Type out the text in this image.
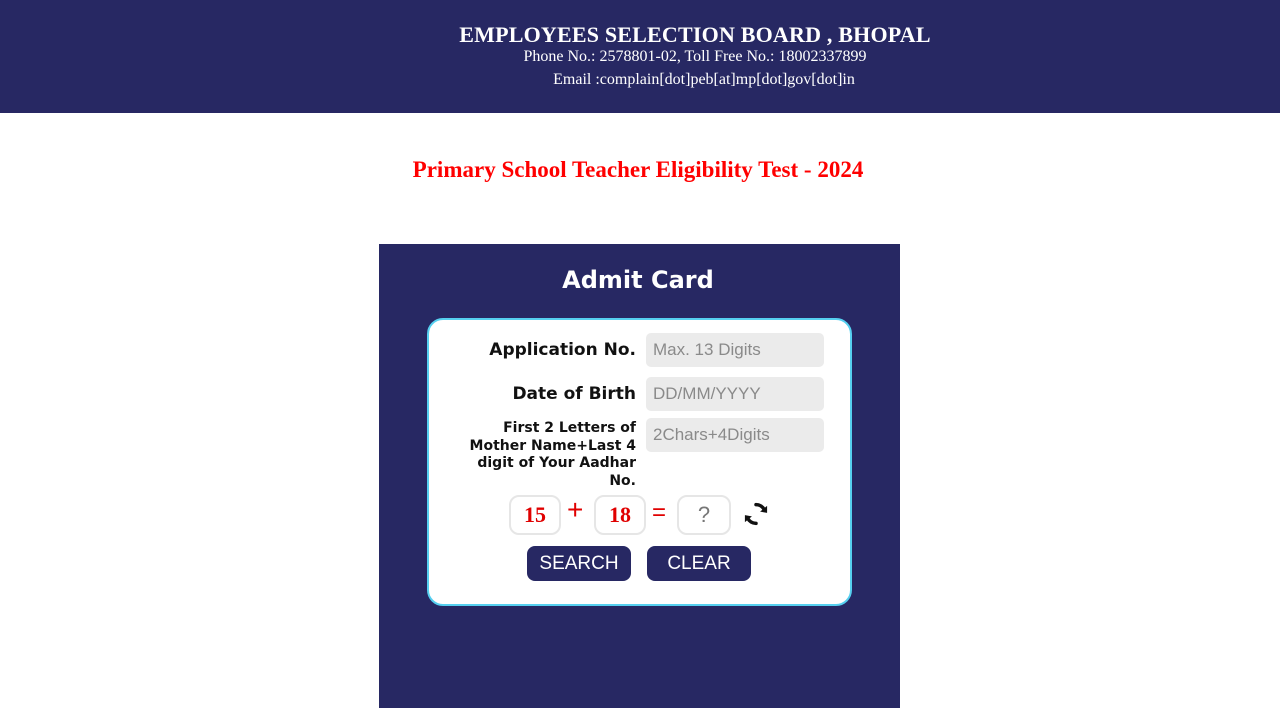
EMPLOYEES SELECTION BOARD , BHOPAL
Phone No.: 2578801-02, Toll Free No.: 18002337899
Email :complain[dot]peb[at]mp[dot]gov[dot]in
Primary School Teacher Eligibility Test - 2024
Admit Card
Application No.
Max. 13 Digits
Date of Birth
DD/MM/YYYY
First 2 Letters of Mother Name+Last 4 digit of Your Aadhar No.
2Chars+4Digits
15 +	18 =
?
SEARCH	CLEAR
